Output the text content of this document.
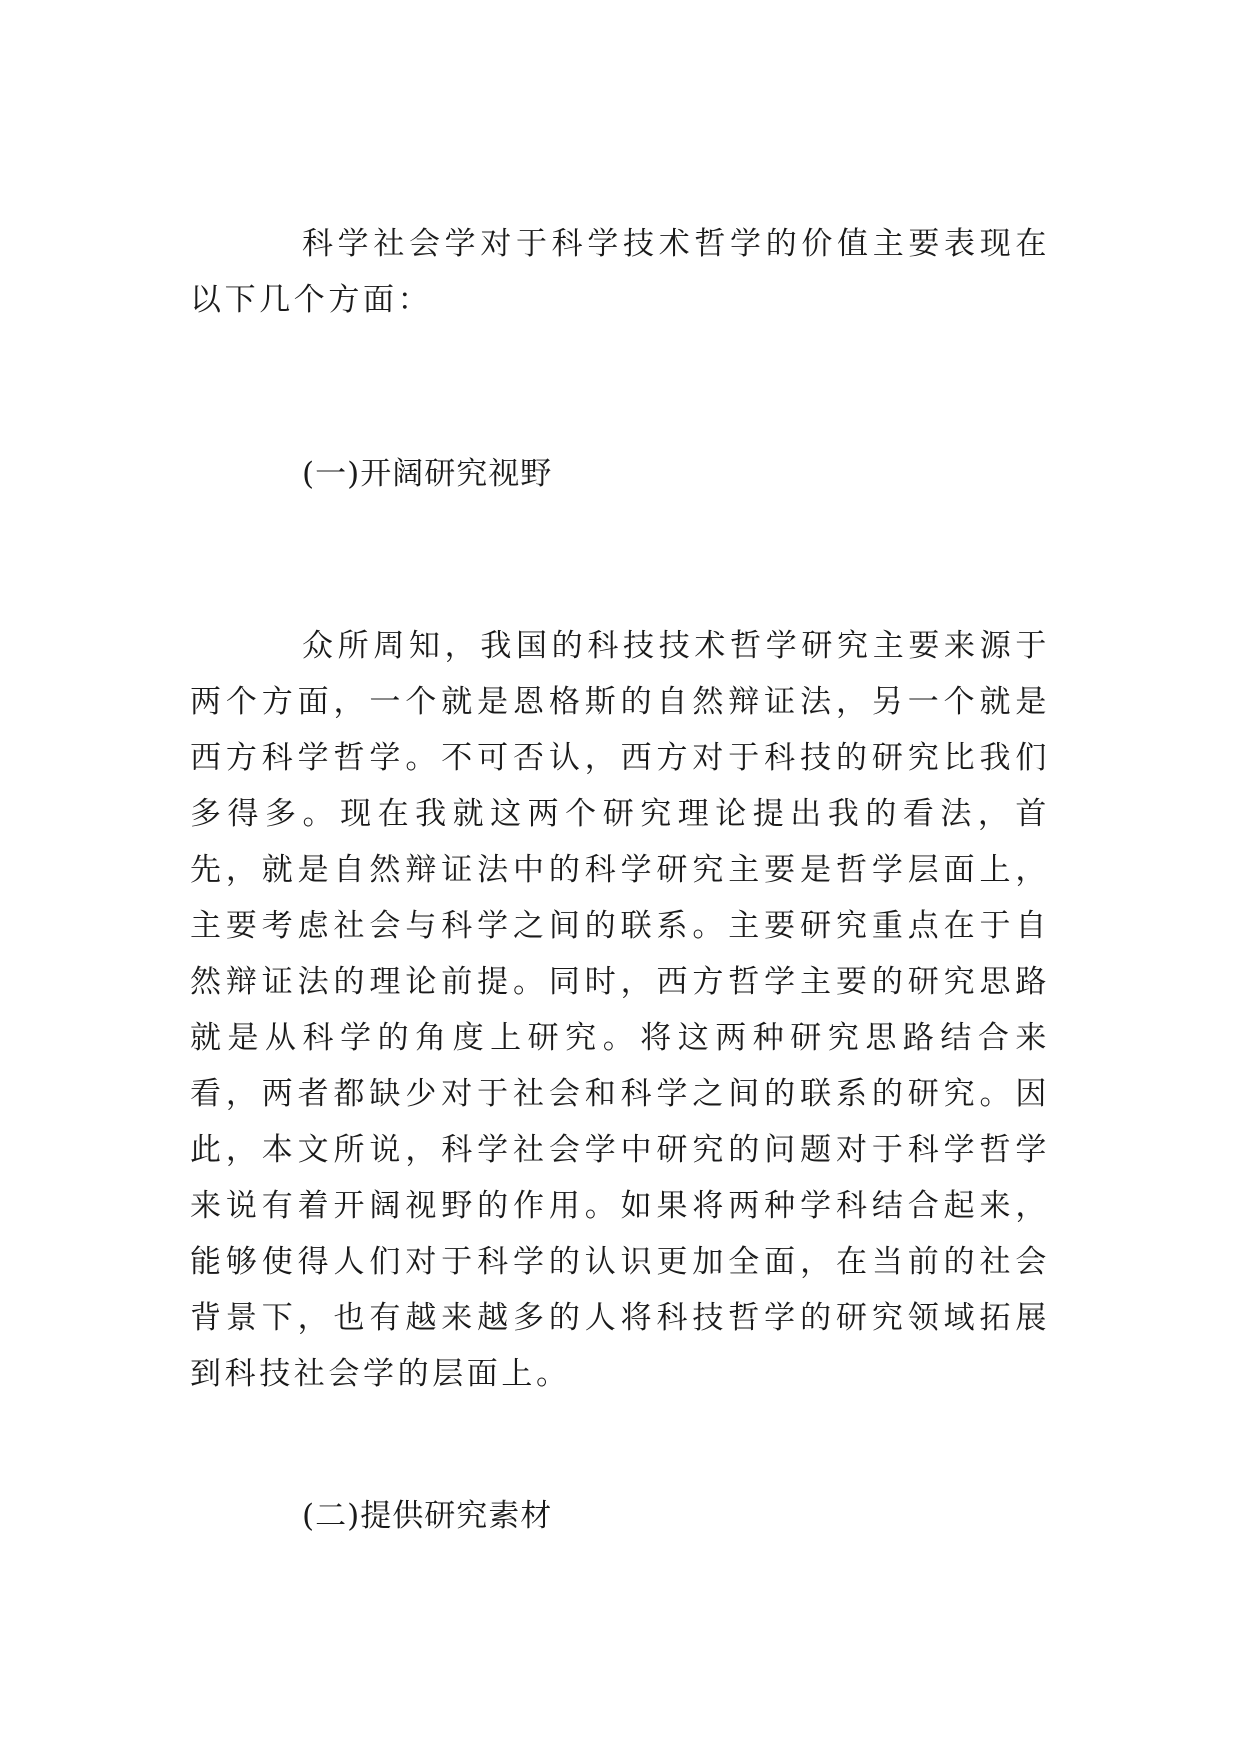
科学社会学对于科学技术哲学的价值主要表现在以下几个方面：

(一)开阔研究视野

众所周知，我国的科技技术哲学研究主要来源于两个方面，一个就是恩格斯的自然辩证法，另一个就是西方科学哲学。不可否认，西方对于科技的研究比我们多得多。现在我就这两个研究理论提出我的看法，首先，就是自然辩证法中的科学研究主要是哲学层面上，主要考虑社会与科学之间的联系。主要研究重点在于自然辩证法的理论前提。同时，西方哲学主要的研究思路就是从科学的角度上研究。将这两种研究思路结合来看，两者都缺少对于社会和科学之间的联系的研究。因此，本文所说，科学社会学中研究的问题对于科学哲学来说有着开阔视野的作用。如果将两种学科结合起来，能够使得人们对于科学的认识更加全面，在当前的社会背景下，也有越来越多的人将科技哲学的研究领域拓展到科技社会学的层面上。

(二)提供研究素材
